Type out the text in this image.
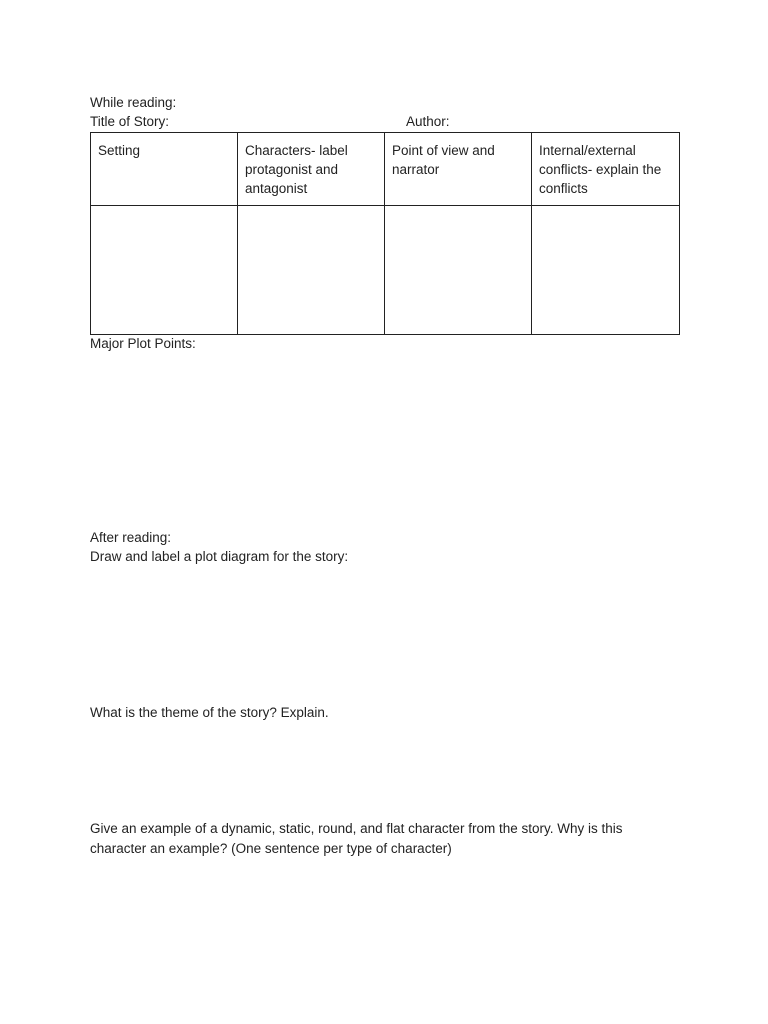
While reading:
Title of Story:	Author:
Setting	Characters- label protagonist and antagonist	Point of view and narrator	Internal/external conflicts- explain the conflicts

Major Plot Points:
After reading:
Draw and label a plot diagram for the story:
What is the theme of the story? Explain.
Give an example of a dynamic, static, round, and flat character from the story. Why is this character an example? (One sentence per type of character)
